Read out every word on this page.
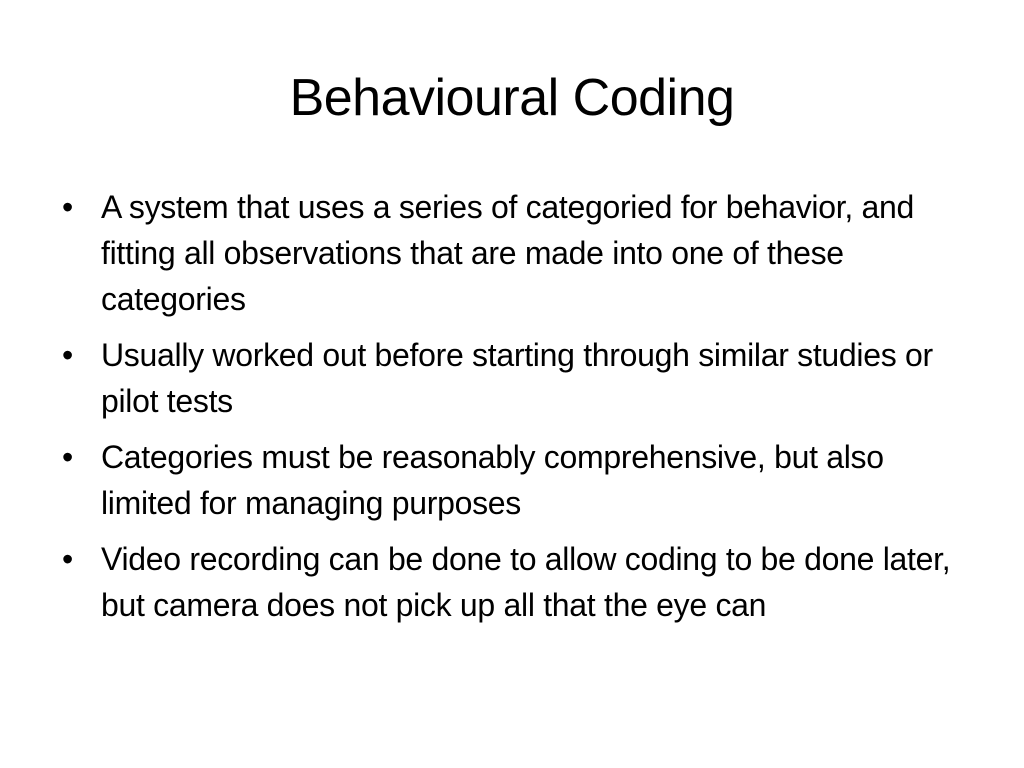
Behavioural Coding
• A system that uses a series of categoried for behavior, and fitting all observations that are made into one of these categories
• Usually worked out before starting through similar studies or pilot tests
• Categories must be reasonably comprehensive, but also limited for managing purposes
• Video recording can be done to allow coding to be done later, but camera does not pick up all that the eye can
